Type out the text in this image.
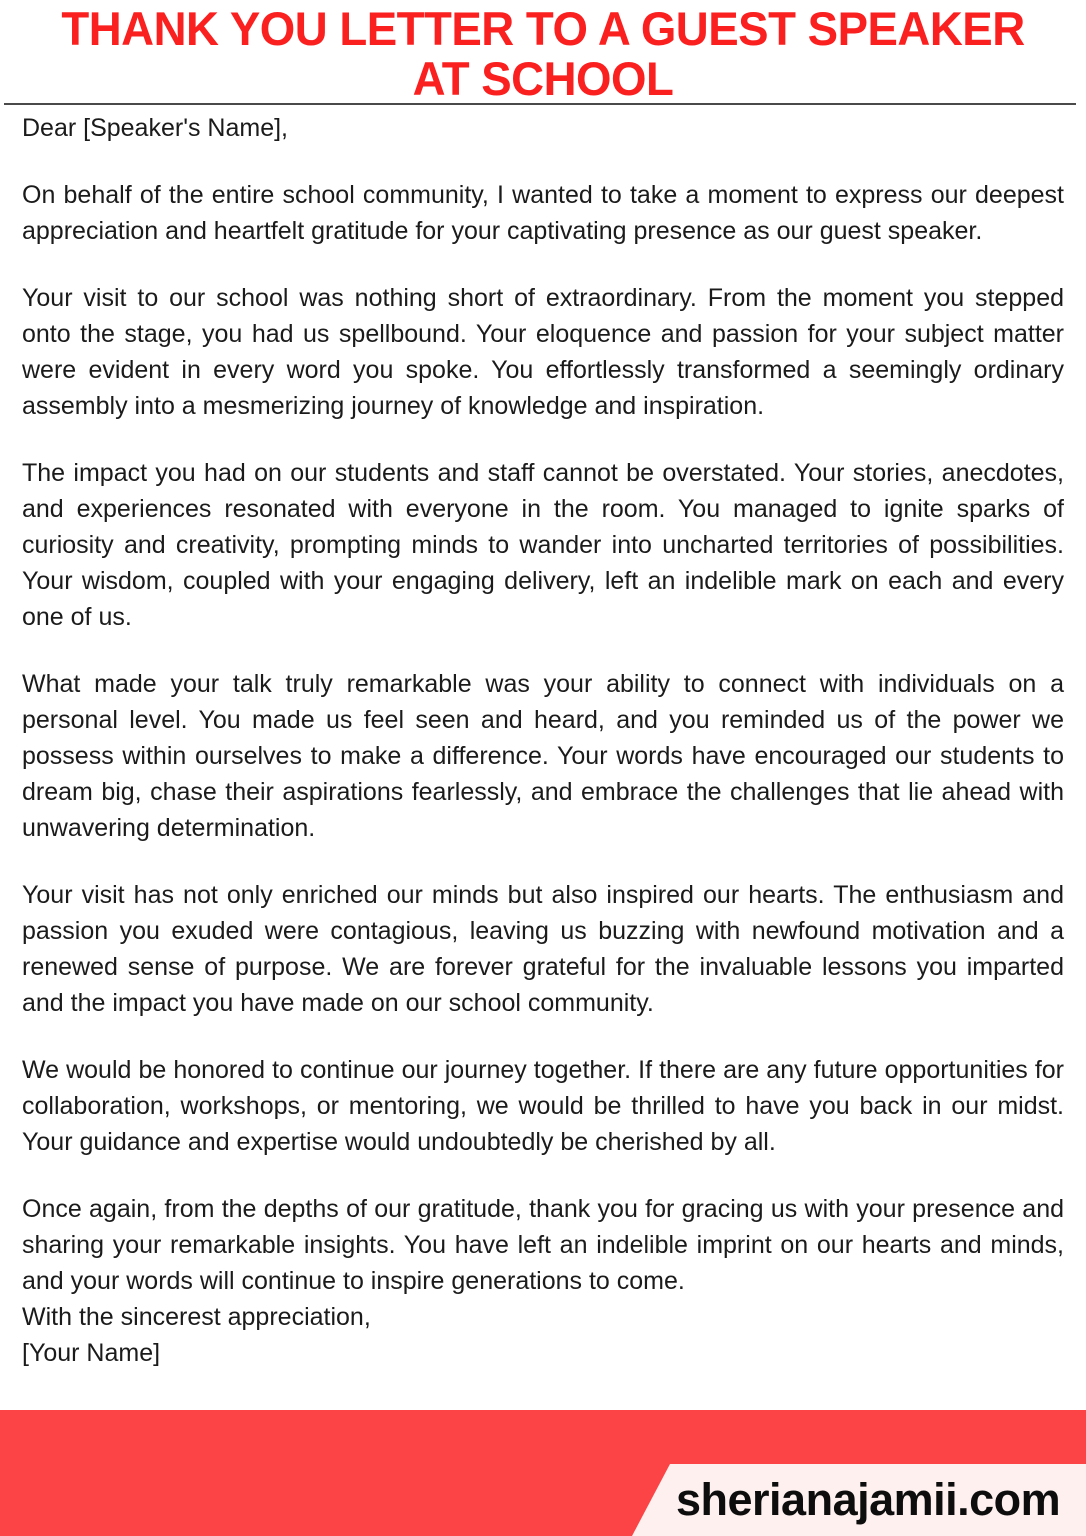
THANK YOU LETTER TO A GUEST SPEAKER AT SCHOOL

Dear [Speaker's Name],

On behalf of the entire school community, I wanted to take a moment to express our deepest appreciation and heartfelt gratitude for your captivating presence as our guest speaker.

Your visit to our school was nothing short of extraordinary. From the moment you stepped onto the stage, you had us spellbound. Your eloquence and passion for your subject matter were evident in every word you spoke. You effortlessly transformed a seemingly ordinary assembly into a mesmerizing journey of knowledge and inspiration.

The impact you had on our students and staff cannot be overstated. Your stories, anecdotes, and experiences resonated with everyone in the room. You managed to ignite sparks of curiosity and creativity, prompting minds to wander into uncharted territories of possibilities. Your wisdom, coupled with your engaging delivery, left an indelible mark on each and every one of us.

What made your talk truly remarkable was your ability to connect with individuals on a personal level. You made us feel seen and heard, and you reminded us of the power we possess within ourselves to make a difference. Your words have encouraged our students to dream big, chase their aspirations fearlessly, and embrace the challenges that lie ahead with unwavering determination.

Your visit has not only enriched our minds but also inspired our hearts. The enthusiasm and passion you exuded were contagious, leaving us buzzing with newfound motivation and a renewed sense of purpose. We are forever grateful for the invaluable lessons you imparted and the impact you have made on our school community.

We would be honored to continue our journey together. If there are any future opportunities for collaboration, workshops, or mentoring, we would be thrilled to have you back in our midst. Your guidance and expertise would undoubtedly be cherished by all.

Once again, from the depths of our gratitude, thank you for gracing us with your presence and sharing your remarkable insights. You have left an indelible imprint on our hearts and minds, and your words will continue to inspire generations to come.

With the sincerest appreciation,

[Your Name]

sherianajamii.com
